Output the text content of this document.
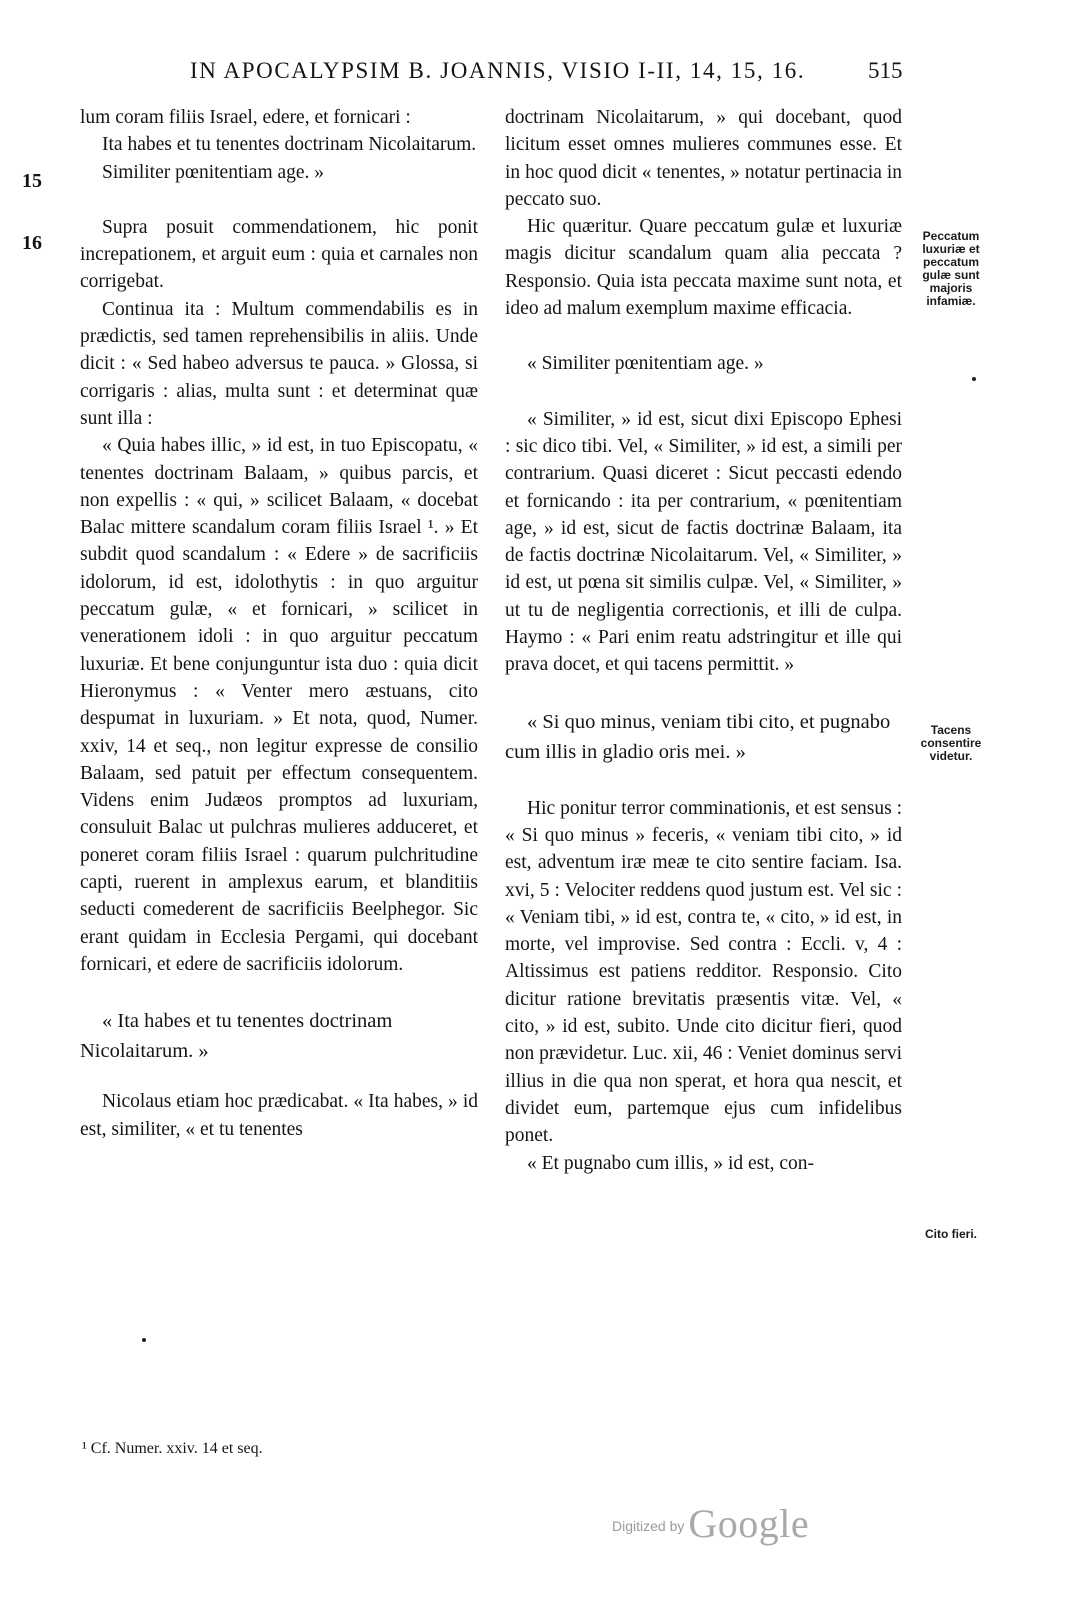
IN APOCALYPSIM B. JOANNIS, VISIO I-II, 14, 15, 16.	515
15
16

lum coram filiis Israel, edere, et fornicari :

Ita habes et tu tenentes doctrinam Nicolaitarum.

Similiter pœnitentiam age. »

Supra posuit commendationem, hic ponit increpationem, et arguit eum : quia et carnales non corrigebat.

Continua ita : Multum commendabilis es in prædictis, sed tamen reprehensibilis in aliis. Unde dicit : « Sed habeo adversus te pauca. » Glossa, si corrigaris : alias, multa sunt : et determinat quæ sunt illa :

« Quia habes illic, » id est, in tuo Episcopatu, « tenentes doctrinam Balaam, » quibus parcis, et non expellis : « qui, » scilicet Balaam, « docebat Balac mittere scandalum coram filiis Israel ¹. » Et subdit quod scandalum : « Edere » de sacrificiis idolorum, id est, idolothytis : in quo arguitur peccatum gulæ, « et fornicari, » scilicet in venerationem idoli : in quo arguitur peccatum luxuriæ. Et bene conjunguntur ista duo : quia dicit Hieronymus : « Venter mero æstuans, cito despumat in luxuriam. » Et nota, quod, Numer. xxiv, 14 et seq., non legitur expresse de consilio Balaam, sed patuit per effectum consequentem. Videns enim Judæos promptos ad luxuriam, consuluit Balac ut pulchras mulieres adduceret, et poneret coram filiis Israel : quarum pulchritudine capti, ruerent in amplexus earum, et blanditiis seducti comederent de sacrificiis Beelphegor. Sic erant quidam in Ecclesia Pergami, qui docebant fornicari, et edere de sacrificiis idolorum.

« Ita habes et tu tenentes doctrinam Nicolaitarum. »

Nicolaus etiam hoc prædicabat. « Ita habes, » id est, similiter, « et tu tenentes

doctrinam Nicolaitarum, » qui docebant, quod licitum esset omnes mulieres communes esse. Et in hoc quod dicit « tenentes, » notatur pertinacia in peccato suo.

Hic quæritur. Quare peccatum gulæ et luxuriæ magis dicitur scandalum quam alia peccata ? Responsio. Quia ista peccata maxime sunt nota, et ideo ad malum exemplum maxime efficacia.

« Similiter pœnitentiam age. »

« Similiter, » id est, sicut dixi Episcopo Ephesi : sic dico tibi. Vel, « Similiter, » id est, a simili per contrarium. Quasi diceret : Sicut peccasti edendo et fornicando : ita per contrarium, « pœnitentiam age, » id est, sicut de factis doctrinæ Balaam, ita de factis doctrinæ Nicolaitarum. Vel, « Similiter, » id est, ut pœna sit similis culpæ. Vel, « Similiter, » ut tu de negligentia correctionis, et illi de culpa. Haymo : « Pari enim reatu adstringitur et ille qui prava docet, et qui tacens permittit. »

« Si quo minus, veniam tibi cito, et pugnabo cum illis in gladio oris mei. »

Hic ponitur terror comminationis, et est sensus : « Si quo minus » feceris, « veniam tibi cito, » id est, adventum iræ meæ te cito sentire faciam. Isa. xvi, 5 : Velociter reddens quod justum est. Vel sic : « Veniam tibi, » id est, contra te, « cito, » id est, in morte, vel improvise. Sed contra : Eccli. v, 4 : Altissimus est patiens redditor. Responsio. Cito dicitur ratione brevitatis præsentis vitæ. Vel, « cito, » id est, subito. Unde cito dicitur fieri, quod non prævidetur. Luc. xii, 46 : Veniet dominus servi illius in die qua non sperat, et hora qua nescit, et dividet eum, partemque ejus cum infidelibus ponet.

« Et pugnabo cum illis, » id est, con-

Peccatum luxuriæ et peccatum gulæ sunt majoris infamiæ.
Tacens consentire videtur.
Cito fieri.
¹ Cf. Numer. xxiv. 14 et seq.
Digitized by Google
